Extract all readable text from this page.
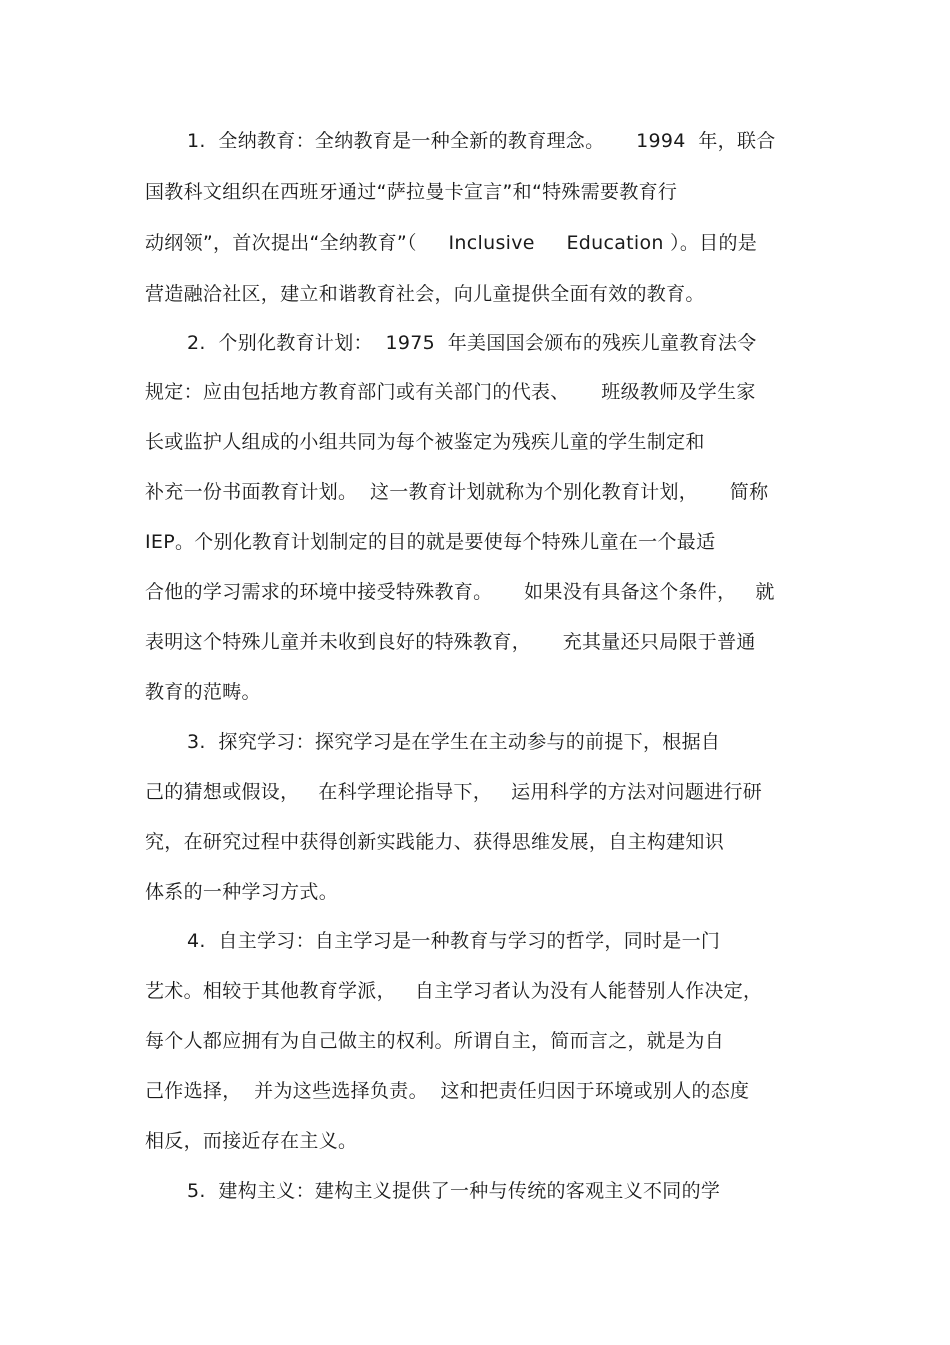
1.  全纳教育：全纳教育是一种全新的教育理念。     1994  年，联合
国教科文组织在西班牙通过“萨拉曼卡宣言”和“特殊需要教育行
动纲领”，首次提出“全纳教育”（     Inclusive     Education ）。目的是
营造融洽社区，建立和谐教育社会，向儿童提供全面有效的教育。
2.  个别化教育计划：  1975  年美国国会颁布的残疾儿童教育法令
规定：应由包括地方教育部门或有关部门的代表、     班级教师及学生家
长或监护人组成的小组共同为每个被鉴定为残疾儿童的学生制定和
补充一份书面教育计划。  这一教育计划就称为个别化教育计划，     简称
IEP。个别化教育计划制定的目的就是要使每个特殊儿童在一个最适
合他的学习需求的环境中接受特殊教育。     如果没有具备这个条件，   就
表明这个特殊儿童并未收到良好的特殊教育，     充其量还只局限于普通
教育的范畴。
3.  探究学习：探究学习是在学生在主动参与的前提下，根据自
己的猜想或假设，   在科学理论指导下，   运用科学的方法对问题进行研
究，在研究过程中获得创新实践能力、获得思维发展，自主构建知识
体系的一种学习方式。
4.  自主学习：自主学习是一种教育与学习的哲学，同时是一门
艺术。相较于其他教育学派，   自主学习者认为没有人能替别人作决定，
每个人都应拥有为自己做主的权利。所谓自主，简而言之，就是为自
己作选择，  并为这些选择负责。  这和把责任归因于环境或别人的态度
相反，而接近存在主义。
5.  建构主义：建构主义提供了一种与传统的客观主义不同的学
